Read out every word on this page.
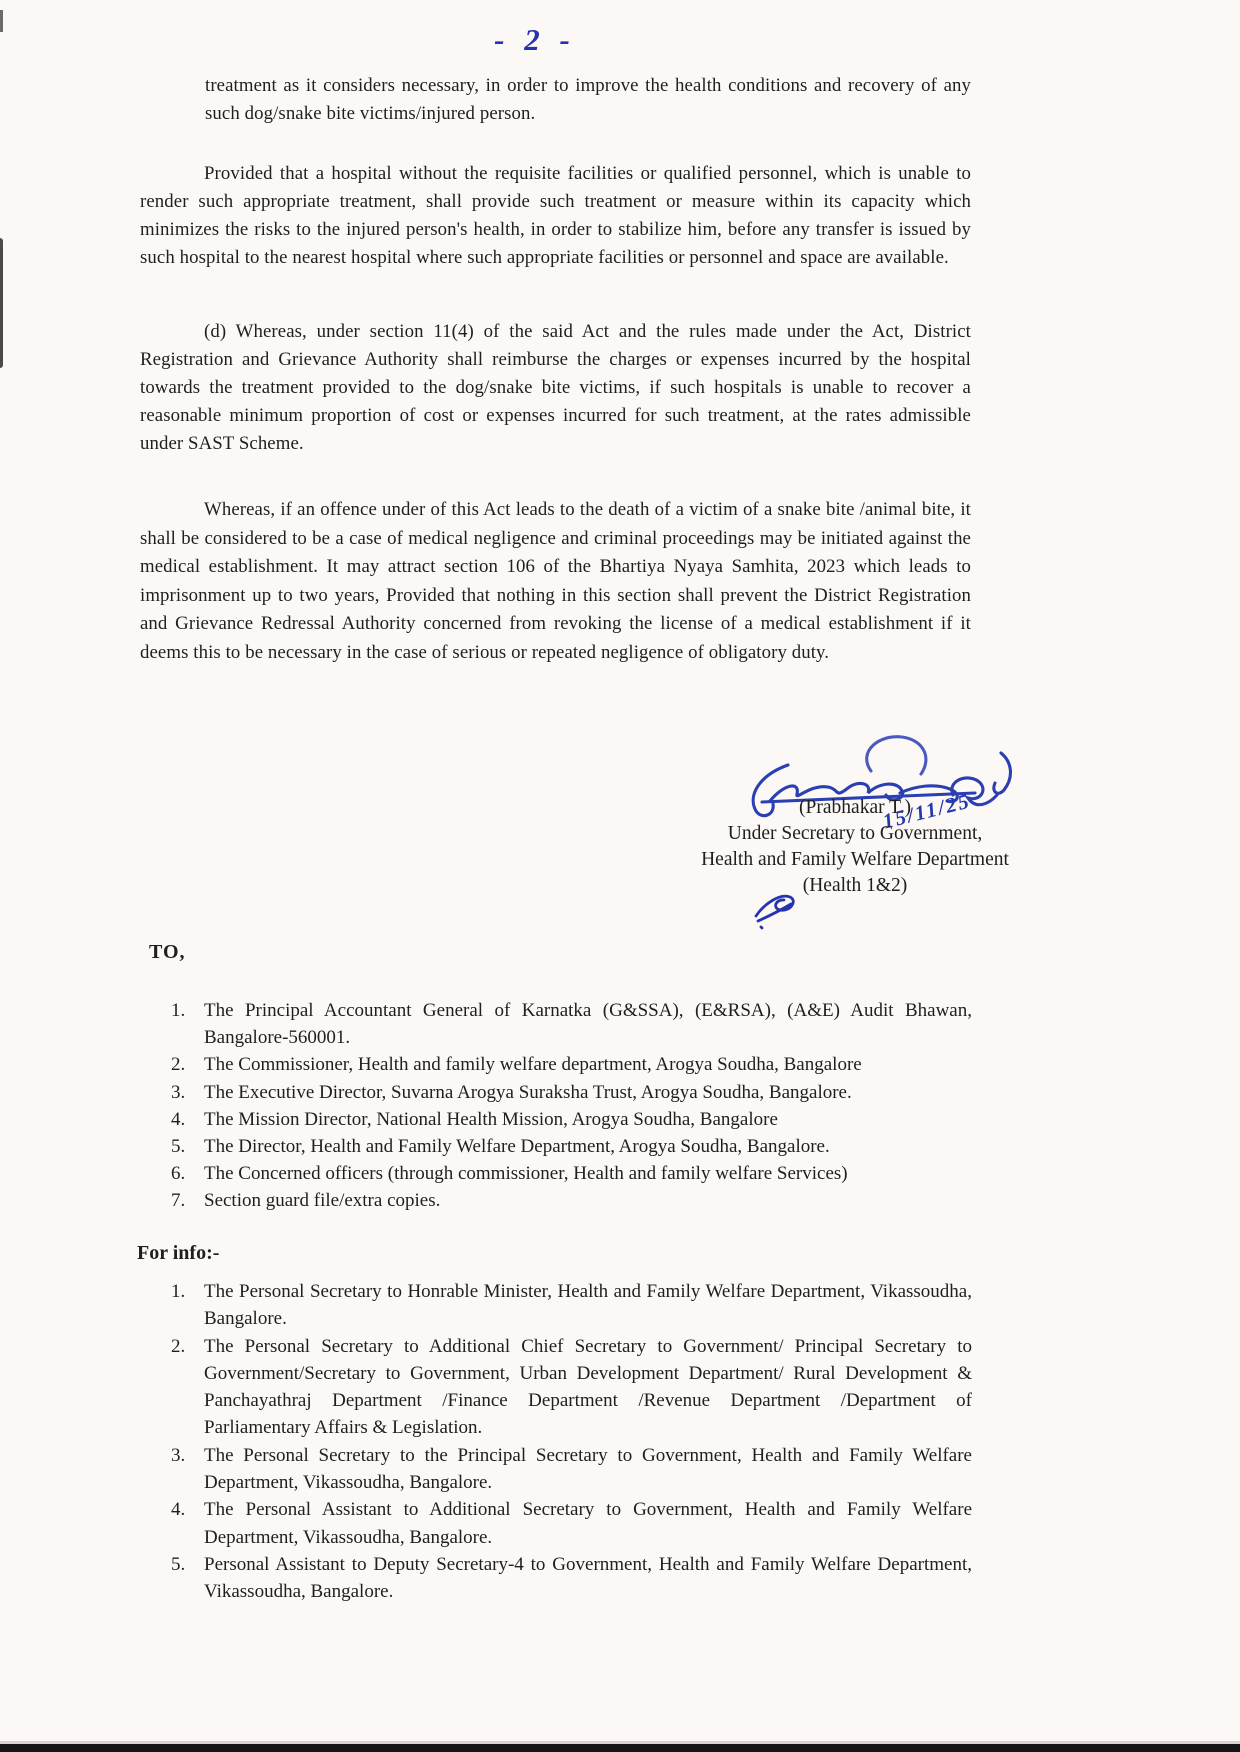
- 2 -

treatment as it considers necessary, in order to improve the health conditions and recovery of any such dog/snake bite victims/injured person.

Provided that a hospital without the requisite facilities or qualified personnel, which is unable to render such appropriate treatment, shall provide such treatment or measure within its capacity which minimizes the risks to the injured person's health, in order to stabilize him, before any transfer is issued by such hospital to the nearest hospital where such appropriate facilities or personnel and space are available.

(d) Whereas, under section 11(4) of the said Act and the rules made under the Act, District Registration and Grievance Authority shall reimburse the charges or expenses incurred by the hospital towards the treatment provided to the dog/snake bite victims, if such hospitals is unable to recover a reasonable minimum proportion of cost or expenses incurred for such treatment, at the rates admissible under SAST Scheme.

Whereas, if an offence under of this Act leads to the death of a victim of a snake bite /animal bite, it shall be considered to be a case of medical negligence and criminal proceedings may be initiated against the medical establishment. It may attract section 106 of the Bhartiya Nyaya Samhita, 2023 which leads to imprisonment up to two years, Provided that nothing in this section shall prevent the District Registration and Grievance Redressal Authority concerned from revoking the license of a medical establishment if it deems this to be necessary in the case of serious or repeated negligence of obligatory duty.

(Prabhakar T.)

15/11/25

Under Secretary to Government,

Health and Family Welfare Department

(Health 1&2)

TO,

1. The Principal Accountant General of Karnatka (G&SSA), (E&RSA), (A&E) Audit Bhawan, Bangalore-560001.
2. The Commissioner, Health and family welfare department, Arogya Soudha, Bangalore
3. The Executive Director, Suvarna Arogya Suraksha Trust, Arogya Soudha, Bangalore.
4. The Mission Director, National Health Mission, Arogya Soudha, Bangalore
5. The Director, Health and Family Welfare Department, Arogya Soudha, Bangalore.
6. The Concerned officers (through commissioner, Health and family welfare Services)
7. Section guard file/extra copies.

For info:-

1. The Personal Secretary to Honrable Minister, Health and Family Welfare Department, Vikassoudha, Bangalore.
2. The Personal Secretary to Additional Chief Secretary to Government/ Principal Secretary to Government/Secretary to Government, Urban Development Department/ Rural Development & Panchayathraj Department /Finance Department /Revenue Department /Department of Parliamentary Affairs & Legislation.
3. The Personal Secretary to the Principal Secretary to Government, Health and Family Welfare Department, Vikassoudha, Bangalore.
4. The Personal Assistant to Additional Secretary to Government, Health and Family Welfare Department, Vikassoudha, Bangalore.
5. Personal Assistant to Deputy Secretary-4 to Government, Health and Family Welfare Department, Vikassoudha, Bangalore.
